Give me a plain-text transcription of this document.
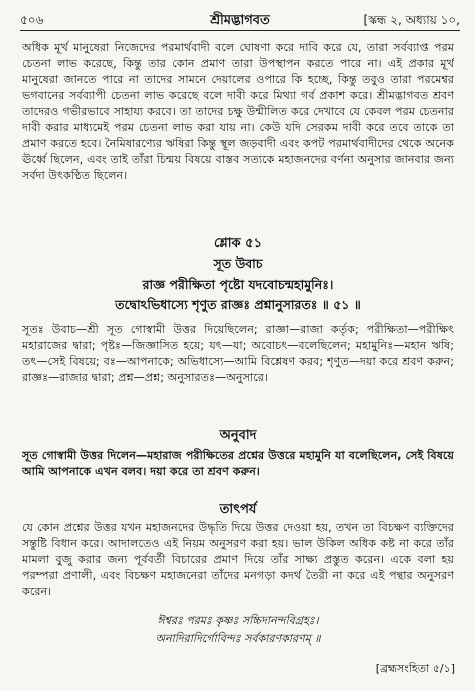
৫০৬	শ্রীমদ্ভাগবত	[স্কন্ধ ২, অধ্যায় ১০,
অধিক মূর্খ মানুষেরা নিজেদের পরমার্থবাদী বলে ঘোষণা করে দাবি করে যে, তারা সর্বব্যাপ্ত পরম চেতনা লাভ করেছে, কিন্তু তার কোন প্রমাণ তারা উপস্থাপন করতে পারে না। এই প্রকার মূর্খ মানুষেরা জানতে পারে না তাদের সামনে দেয়ালের ওপারে কি হচ্ছে, কিন্তু তবুও তারা পরমেশ্বর ভগবানের সর্বব্যাপী চেতনা লাভ করেছে বলে দাবী করে মিথ্যা গর্ব প্রকাশ করে। শ্রীমদ্ভাগবত শ্রবণ তাদেরও গভীরভাবে সাহায্য করবে। তা তাদের চক্ষু উন্মীলিত করে দেখাবে যে কেবল পরম চেতনার দাবী করার মাধ্যমেই পরম চেতনা লাভ করা যায় না। কেউ যদি সেরকম দাবী করে তবে তাকে তা প্রমাণ করতে হবে। নৈমিষারণ্যের ঋষিরা কিন্তু স্থূল জড়বাদী এবং কপট পরমার্থবাদীদের থেকে অনেক ঊর্ধ্বে ছিলেন, এবং তাই তাঁরা চিন্ময় বিষয়ে বাস্তব সত্যকে মহাজনদের বর্ণনা অনুসার জানবার জন্য সর্বদা উৎকণ্ঠিত ছিলেন।
শ্লোক ৫১
সূত উবাচ
রাজ্ঞ পরীক্ষিতা পৃষ্টো যদবোচন্মহামুনিঃ।
তদ্বোঽভিধাস্যে শৃণুত রাজ্ঞঃ প্রশ্নানুসারতঃ ॥ ৫১ ॥
সূতঃ উবাচ—শ্রী সূত গোস্বামী উত্তর দিয়েছিলেন; রাজ্ঞা—রাজা কর্তৃক; পরীক্ষিতা—পরীক্ষিৎ মহারাজের দ্বারা; পৃষ্টঃ—জিজ্ঞাসিত হয়ে; যৎ—যা; অবোচৎ—বলেছিলেন; মহামুনিঃ—মহান ঋষি; তৎ—সেই বিষয়ে; বঃ—আপনাকে; অভিধাস্যে—আমি বিশ্লেষণ করব; শৃণুত—দয়া করে শ্রবণ করুন; রাজ্ঞঃ—রাজার দ্বারা; প্রশ্ন—প্রশ্ন; অনুসারতঃ—অনুসারে।
অনুবাদ
সূত গোস্বামী উত্তর দিলেন—মহারাজ পরীক্ষিতের প্রশ্নের উত্তরে মহামুনি যা বলেছিলেন, সেই বিষয়ে আমি আপনাকে এখন বলব। দয়া করে তা শ্রবণ করুন।
তাৎপর্য
যে কোন প্রশ্নের উত্তর যখন মহাজনদের উদ্ধৃতি দিয়ে উত্তর দেওয়া হয়, তখন তা বিচক্ষণ ব্যক্তিদের সন্তুষ্টি বিধান করে। আদালতেও এই নিয়ম অনুসরণ করা হয়। ভাল উকিল অধিক কষ্ট না করে তাঁর মামলা বুজু করার জন্য পূর্ববর্তী বিচারের প্রমাণ দিয়ে তাঁর সাক্ষ্য প্রস্তুত করেন। একে বলা হয় পরম্পরা প্রণালী, এবং বিচক্ষণ মহাজনেরা তাঁদের মনগড়া কদর্থ তৈরী না করে এই পন্থার অনুসরণ করেন।
ঈশ্বরঃ পরমঃ কৃষ্ণঃ সচ্চিদানন্দবিগ্রহঃ।
অনাদিরাদির্গোবিন্দঃ সর্বকারণকারণম্ ॥
[ব্রহ্মসংহিতা ৫/১]
